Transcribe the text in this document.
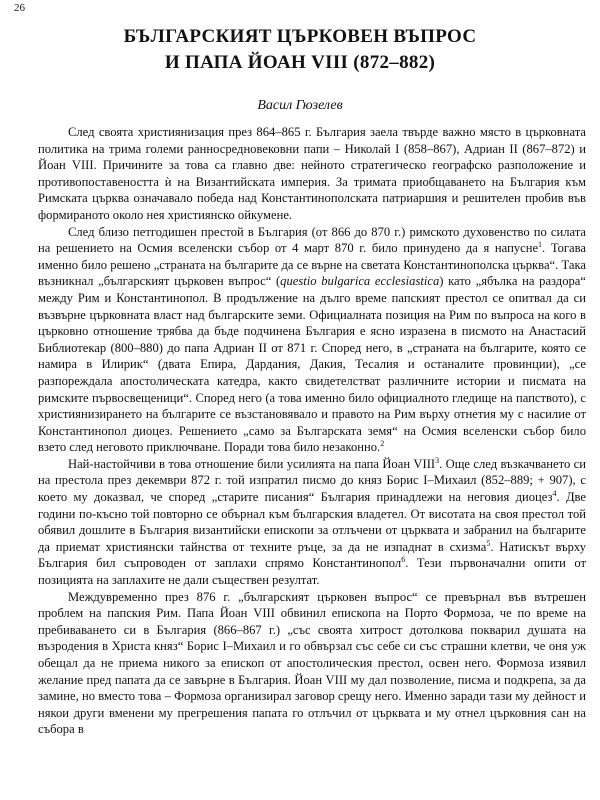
26
БЪЛГАРСКИЯТ ЦЪРКОВЕН ВЪПРОС
И ПАПА ЙОАН VIII (872–882)
Васил Гюзелев

След своята християнизация през 864–865 г. България заела твърде важно място в църковната политика на трима големи ранносредновековни папи – Николай I (858–867), Адриан II (867–872) и Йоан VIII. Причините за това са главно две: нейното стратегическо географско разположение и противопоставеността ѝ на Византийската империя. За тримата приобщаването на България към Римската църква означавало победа над Константинополската патриаршия и решителен пробив във формираното около нея християнско ойкумене.

След близо петгодишен престой в България (от 866 до 870 г.) римското духовенство по силата на решението на Осмия вселенски събор от 4 март 870 г. било принудено да я напусне$^1$. Тогава именно било решено „страната на българите да се върне на светата Константинополска църква“. Така възникнал „българският църковен въпрос“ (questio bulgarica ecclesiastica) като „ябълка на раздора“ между Рим и Константинопол. В продължение на дълго време папският престол се опитвал да си възвърне църковната власт над българските земи. Официалната позиция на Рим по въпроса на кого в църковно отношение трябва да бъде подчинена България е ясно изразена в писмото на Анастасий Библиотекар (800–880) до папа Адриан II от 871 г. Според него, в „страната на българите, която се намира в Илирик“ (двата Епира, Дардания, Дакия, Тесалия и останалите провинции), „се разпореждала апостолическата катедра, както свидетелстват различните истории и писмата на римските първосвещеници“. Според него (а това именно било официалното гледище на папството), с християнизирането на българите се възстановявало и правото на Рим върху отнетия му с насилие от Константинопол диоцез. Решението „само за Българската земя“ на Осмия вселенски събор било взето след неговото приключване. Поради това било незаконно.$^2$

Най-настойчиви в това отношение били усилията на папа Йоан VIII$^3$. Още след възкачването си на престола през декември 872 г. той изпратил писмо до княз Борис I–Михаил (852–889; + 907), с което му доказвал, че според „старите писания“ България принадлежи на неговия диоцез$^4$. Две години по-късно той повторно се обърнал към българския владетел. От висотата на своя престол той обявил дошлите в България византийски епископи за отлъчени от църквата и забранил на българите да приемат християнски тайнства от техните ръце, за да не изпаднат в схизма$^5$. Натискът върху България бил съпроводен от заплахи спрямо Константинопол$^6$. Тези първоначални опити от позицията на заплахите не дали съществен резултат.

Междувременно през 876 г. „българският църковен въпрос“ се превърнал във вътрешен проблем на папския Рим. Папа Йоан VIII обвинил епископа на Порто Формоза, че по време на пребиваването си в България (866–867 г.) „със своята хитрост дотолкова покварил душата на възродения в Христа княз“ Борис I–Михаил и го обвързал със себе си със страшни клетви, че оня уж обещал да не приема никого за епископ от апостолическия престол, освен него. Формоза изявил желание пред папата да се завърне в България. Йоан VIII му дал позволение, писма и подкрепа, за да замине, но вместо това – Формоза организирал заговор срещу него. Именно заради тази му дейност и някои други вменени му прегрешения папата го отлъчил от църквата и му отнел църковния сан на събора в
